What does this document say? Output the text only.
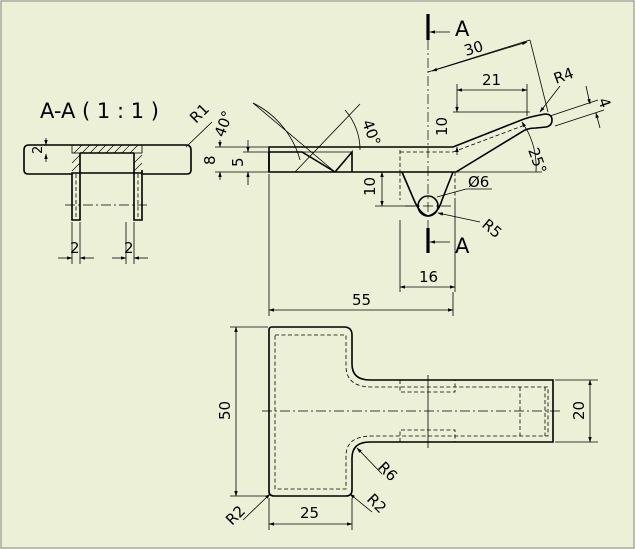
A-A ( 1 : 1 )
2
R1
2	2
40°	40°
8 5
10	Ø6
R5
16
55
10
21
30
R4
4
25°
A
A
50	20
R6
R2
R2	25
